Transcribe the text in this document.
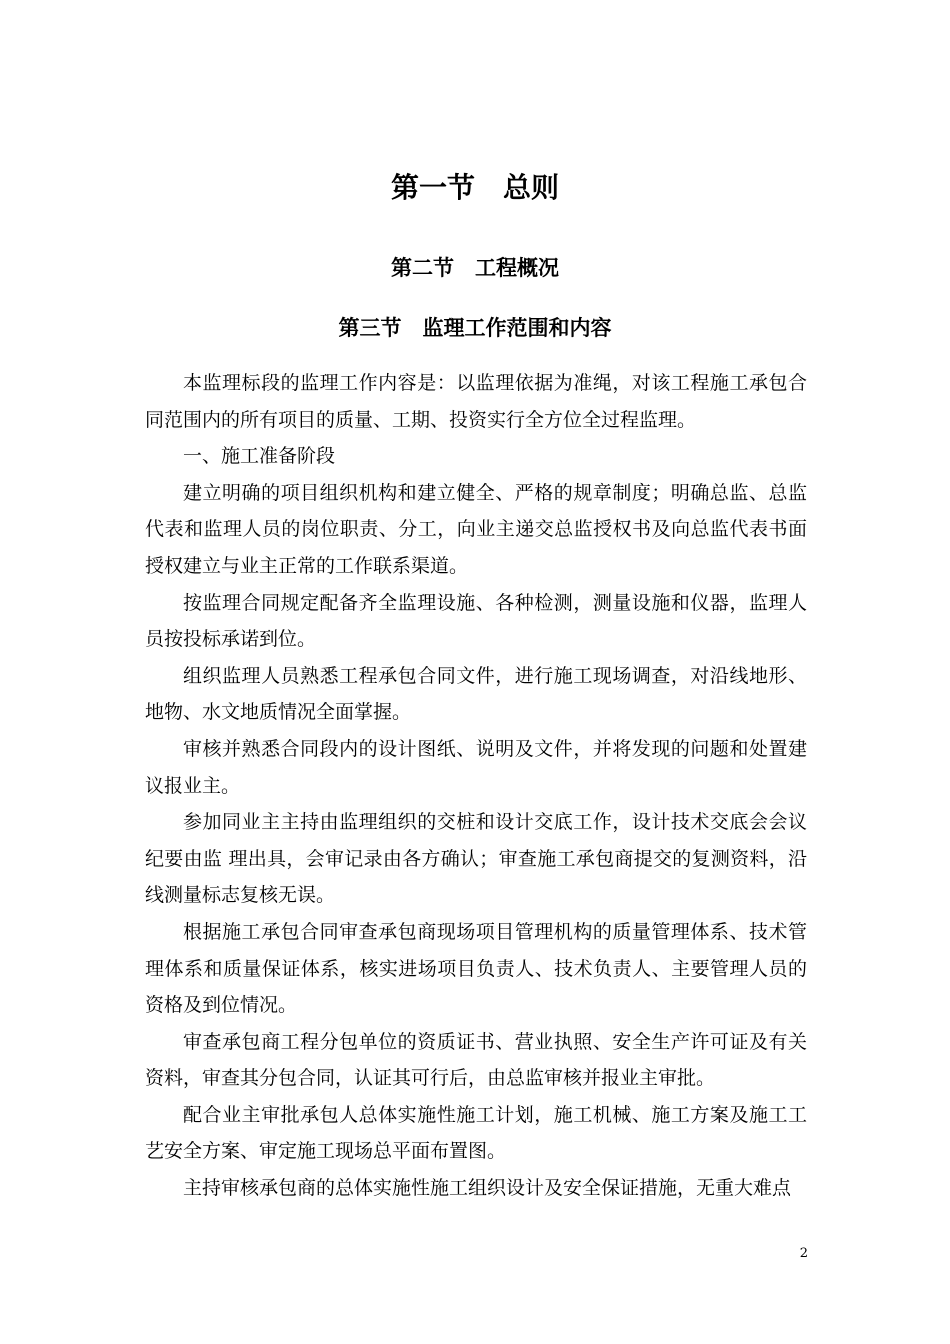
第一节　总则
第二节　工程概况
第三节　监理工作范围和内容

本监理标段的监理工作内容是：以监理依据为准绳，对该工程施工承包合同范围内的所有项目的质量、工期、投资实行全方位全过程监理。

一、施工准备阶段

建立明确的项目组织机构和建立健全、严格的规章制度；明确总监、总监代表和监理人员的岗位职责、分工，向业主递交总监授权书及向总监代表书面授权建立与业主正常的工作联系渠道。

按监理合同规定配备齐全监理设施、各种检测，测量设施和仪器，监理人员按投标承诺到位。

组织监理人员熟悉工程承包合同文件，进行施工现场调查，对沿线地形、地物、水文地质情况全面掌握。

审核并熟悉合同段内的设计图纸、说明及文件，并将发现的问题和处置建议报业主。

参加同业主主持由监理组织的交桩和设计交底工作，设计技术交底会会议纪要由监 理出具，会审记录由各方确认；审查施工承包商提交的复测资料，沿线测量标志复核无误。

根据施工承包合同审查承包商现场项目管理机构的质量管理体系、技术管理体系和质量保证体系，核实进场项目负责人、技术负责人、主要管理人员的资格及到位情况。

审查承包商工程分包单位的资质证书、营业执照、安全生产许可证及有关资料，审查其分包合同，认证其可行后，由总监审核并报业主审批。

配合业主审批承包人总体实施性施工计划，施工机械、施工方案及施工工艺安全方案、审定施工现场总平面布置图。

主持审核承包商的总体实施性施工组织设计及安全保证措施，无重大难点

2
